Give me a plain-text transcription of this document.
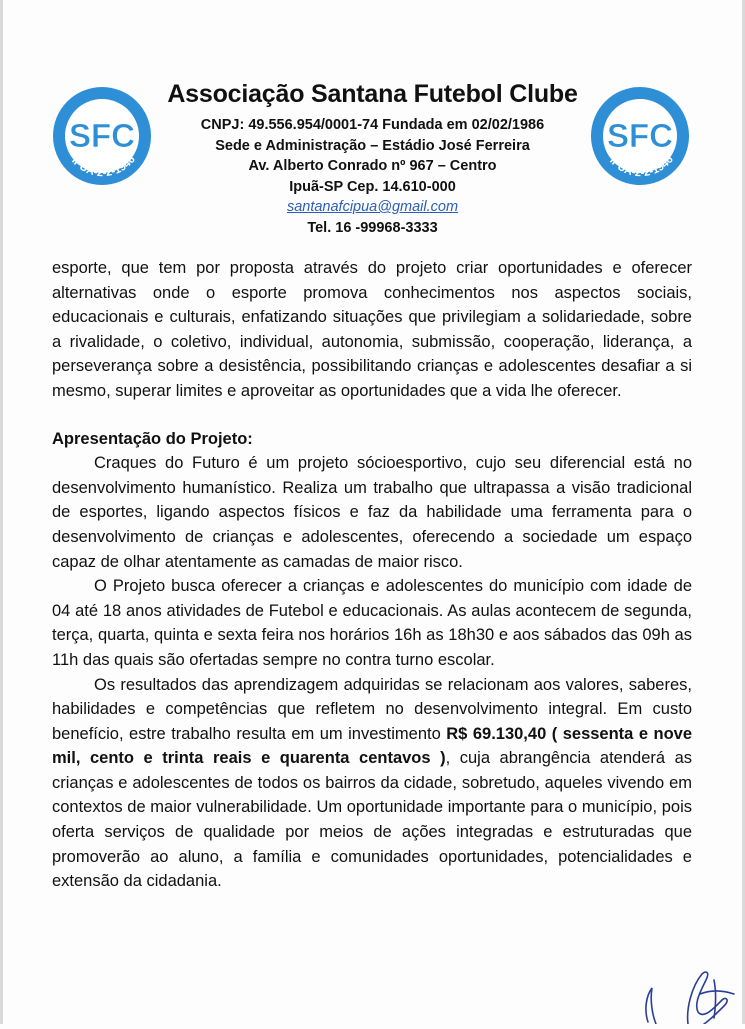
SFC
IPUÃ-2-2-1946
SFC
IPUÃ-2-2-1946
Associação Santana Futebol Clube
CNPJ: 49.556.954/0001-74 Fundada em 02/02/1986
Sede e Administração – Estádio José Ferreira
Av. Alberto Conrado nº 967 – Centro
Ipuã-SP Cep. 14.610-000
santanafcipua@gmail.com
Tel. 16 -99968-3333

esporte, que tem por proposta através do projeto criar oportunidades e oferecer alternativas onde o esporte promova conhecimentos nos aspectos sociais, educacionais e culturais, enfatizando situações que privilegiam a solidariedade, sobre a rivalidade, o coletivo, individual, autonomia, submissão, cooperação, liderança, a perseverança sobre a desistência, possibilitando crianças e adolescentes desafiar a si mesmo, superar limites e aproveitar as oportunidades que a vida lhe oferecer.

Apresentação do Projeto:

Craques do Futuro é um projeto sócioesportivo, cujo seu diferencial está no desenvolvimento humanístico. Realiza um trabalho que ultrapassa a visão tradicional de esportes, ligando aspectos físicos e faz da habilidade uma ferramenta para o desenvolvimento de crianças e adolescentes, oferecendo a sociedade um espaço capaz de olhar atentamente as camadas de maior risco.

O Projeto busca oferecer a crianças e adolescentes do município com idade de 04 até 18 anos atividades de Futebol e educacionais. As aulas acontecem de segunda, terça, quarta, quinta e sexta feira nos horários 16h as 18h30 e aos sábados das 09h as 11h das quais são ofertadas sempre no contra turno escolar.

Os resultados das aprendizagem adquiridas se relacionam aos valores, saberes, habilidades e competências que refletem no desenvolvimento integral. Em custo benefício, estre trabalho resulta em um investimento R$ 69.130,40 ( sessenta e nove mil, cento e trinta reais e quarenta centavos ), cuja abrangência atenderá as crianças e adolescentes de todos os bairros da cidade, sobretudo, aqueles vivendo em contextos de maior vulnerabilidade. Um oportunidade importante para o município, pois oferta serviços de qualidade por meios de ações integradas e estruturadas que promoverão ao aluno, a família e comunidades oportunidades, potencialidades e extensão da cidadania.
